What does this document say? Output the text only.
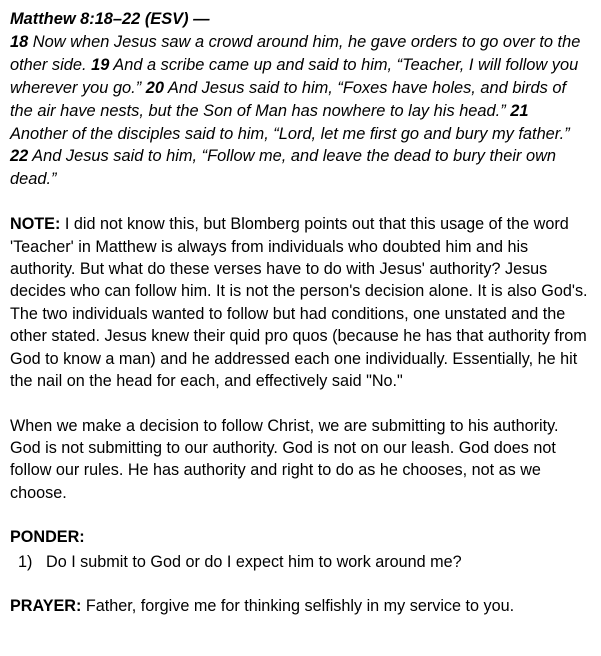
Matthew 8:18–22 (ESV) —
18 Now when Jesus saw a crowd around him, he gave orders to go over to the other side. 19 And a scribe came up and said to him, “Teacher, I will follow you wherever you go.” 20 And Jesus said to him, “Foxes have holes, and birds of the air have nests, but the Son of Man has nowhere to lay his head.” 21 Another of the disciples said to him, “Lord, let me first go and bury my father.” 22 And Jesus said to him, “Follow me, and leave the dead to bury their own dead.”
NOTE: I did not know this, but Blomberg points out that this usage of the word 'Teacher' in Matthew is always from individuals who doubted him and his authority. But what do these verses have to do with Jesus' authority? Jesus decides who can follow him. It is not the person's decision alone. It is also God's. The two individuals wanted to follow but had conditions, one unstated and the other stated. Jesus knew their quid pro quos (because he has that authority from God to know a man) and he addressed each one individually. Essentially, he hit the nail on the head for each, and effectively said "No."
When we make a decision to follow Christ, we are submitting to his authority. God is not submitting to our authority. God is not on our leash. God does not follow our rules. He has authority and right to do as he chooses, not as we choose.
PONDER:
1) Do I submit to God or do I expect him to work around me?
PRAYER: Father, forgive me for thinking selfishly in my service to you.
